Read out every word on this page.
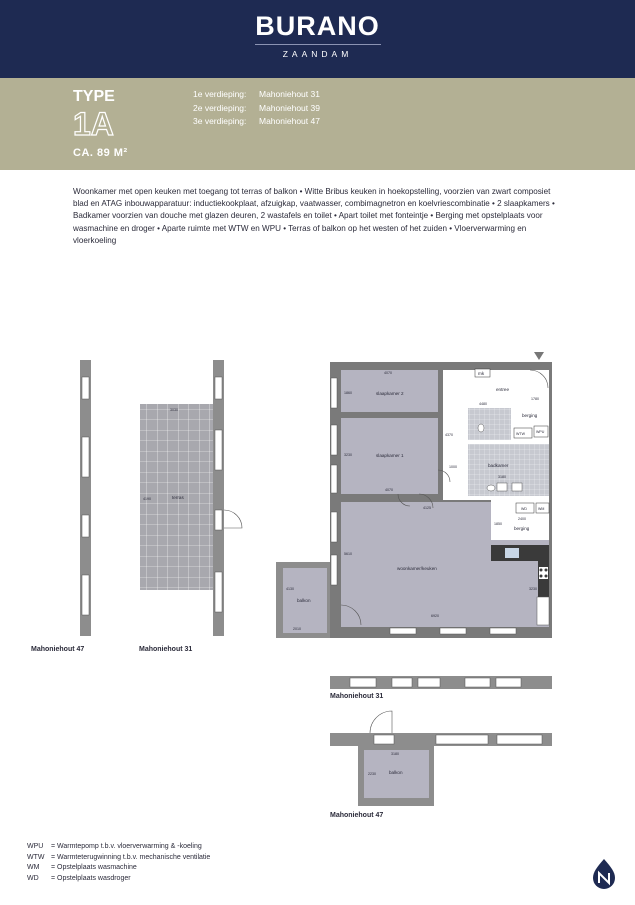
BURANO
ZAANDAM
TYPE
1A
CA. 89 M²
1e verdieping: Mahoniehout 31
2e verdieping: Mahoniehout 39
3e verdieping: Mahoniehout 47
Woonkamer met open keuken met toegang tot terras of balkon • Witte Bribus keuken in hoekopstelling, voorzien van zwart composiet blad en ATAG inbouwapparatuur: inductiekookplaat, afzuigkap, vaatwasser, combimagnetron en koelvriescombinatie • 2 slaapkamers • Badkamer voorzien van douche met glazen deuren, 2 wastafels en toilet • Apart toilet met fonteintje • Berging met opstelplaats voor wasmachine en droger • Aparte ruimte met WTW en WPU • Terras of balkon op het westen of het zuiden • Vloerverwarming en vloerkoeling
slaapkamer 2
slaapkamer 1
entree
berging
badkamer
berging
woonkamer/keuken
balkon
terras
balkon
mk
WTW	WPU
WD	WM
4070
1860
4070
3230
4480
1780
4370
1000
3180
2400
1850
6920
5610
3230
4125
2010
4130
3030
4190
3180
2230
Mahoniehout 47	Mahoniehout 31
Mahoniehout 31
Mahoniehout 47
WPU = Warmtepomp t.b.v. vloerverwarming & -koeling
WTW = Warmteterugwinning t.b.v. mechanische ventilatie
WM = Opstelplaats wasmachine
WD = Opstelplaats wasdroger
